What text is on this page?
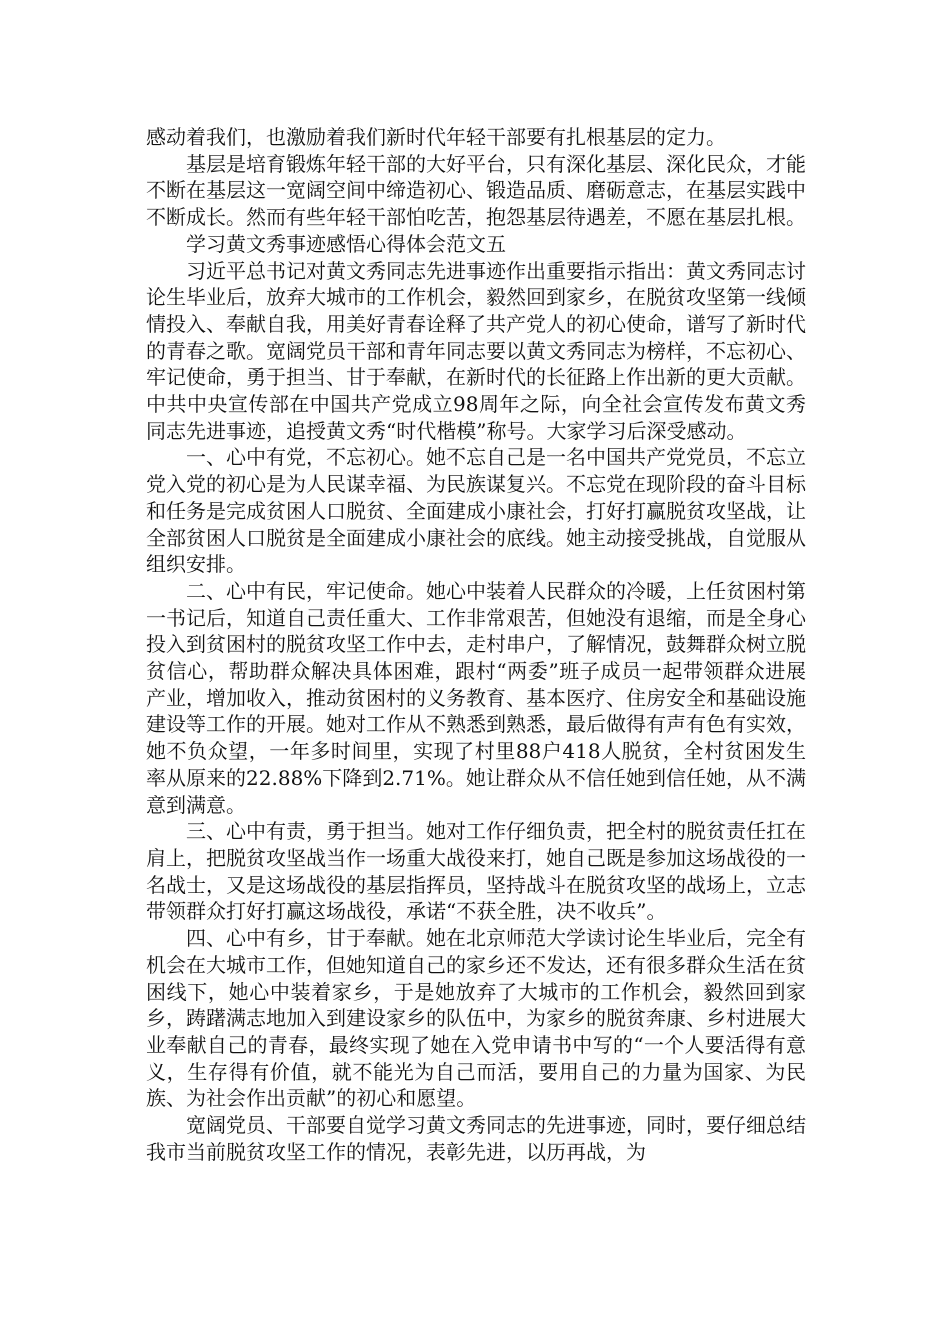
感动着我们，也激励着我们新时代年轻干部要有扎根基层的定力。

基层是培育锻炼年轻干部的大好平台，只有深化基层、深化民众，才能不断在基层这一宽阔空间中缔造初心、锻造品质、磨砺意志，在基层实践中不断成长。然而有些年轻干部怕吃苦，抱怨基层待遇差，不愿在基层扎根。

学习黄文秀事迹感悟心得体会范文五

习近平总书记对黄文秀同志先进事迹作出重要指示指出：黄文秀同志讨论生毕业后，放弃大城市的工作机会，毅然回到家乡，在脱贫攻坚第一线倾情投入、奉献自我，用美好青春诠释了共产党人的初心使命，谱写了新时代的青春之歌。宽阔党员干部和青年同志要以黄文秀同志为榜样，不忘初心、牢记使命，勇于担当、甘于奉献，在新时代的长征路上作出新的更大贡献。中共中央宣传部在中国共产党成立98周年之际，向全社会宣传发布黄文秀同志先进事迹，追授黄文秀“时代楷模”称号。大家学习后深受感动。

一、心中有党，不忘初心。她不忘自己是一名中国共产党党员，不忘立党入党的初心是为人民谋幸福、为民族谋复兴。不忘党在现阶段的奋斗目标和任务是完成贫困人口脱贫、全面建成小康社会，打好打赢脱贫攻坚战，让全部贫困人口脱贫是全面建成小康社会的底线。她主动接受挑战，自觉服从组织安排。

二、心中有民，牢记使命。她心中装着人民群众的冷暖，上任贫困村第一书记后，知道自己责任重大、工作非常艰苦，但她没有退缩，而是全身心投入到贫困村的脱贫攻坚工作中去，走村串户，了解情况，鼓舞群众树立脱贫信心，帮助群众解决具体困难，跟村“两委”班子成员一起带领群众进展产业，增加收入，推动贫困村的义务教育、基本医疗、住房安全和基础设施建设等工作的开展。她对工作从不熟悉到熟悉，最后做得有声有色有实效，她不负众望，一年多时间里，实现了村里88户418人脱贫，全村贫困发生率从原来的22.88%下降到2.71%。她让群众从不信任她到信任她，从不满意到满意。

三、心中有责，勇于担当。她对工作仔细负责，把全村的脱贫责任扛在肩上，把脱贫攻坚战当作一场重大战役来打，她自己既是参加这场战役的一名战士，又是这场战役的基层指挥员，坚持战斗在脱贫攻坚的战场上，立志带领群众打好打赢这场战役，承诺“不获全胜，决不收兵”。

四、心中有乡，甘于奉献。她在北京师范大学读讨论生毕业后，完全有机会在大城市工作，但她知道自己的家乡还不发达，还有很多群众生活在贫困线下，她心中装着家乡，于是她放弃了大城市的工作机会，毅然回到家乡，踌躇满志地加入到建设家乡的队伍中，为家乡的脱贫奔康、乡村进展大业奉献自己的青春，最终实现了她在入党申请书中写的“一个人要活得有意义，生存得有价值，就不能光为自己而活，要用自己的力量为国家、为民族、为社会作出贡献”的初心和愿望。

宽阔党员、干部要自觉学习黄文秀同志的先进事迹，同时，要仔细总结我市当前脱贫攻坚工作的情况，表彰先进，以历再战，为
